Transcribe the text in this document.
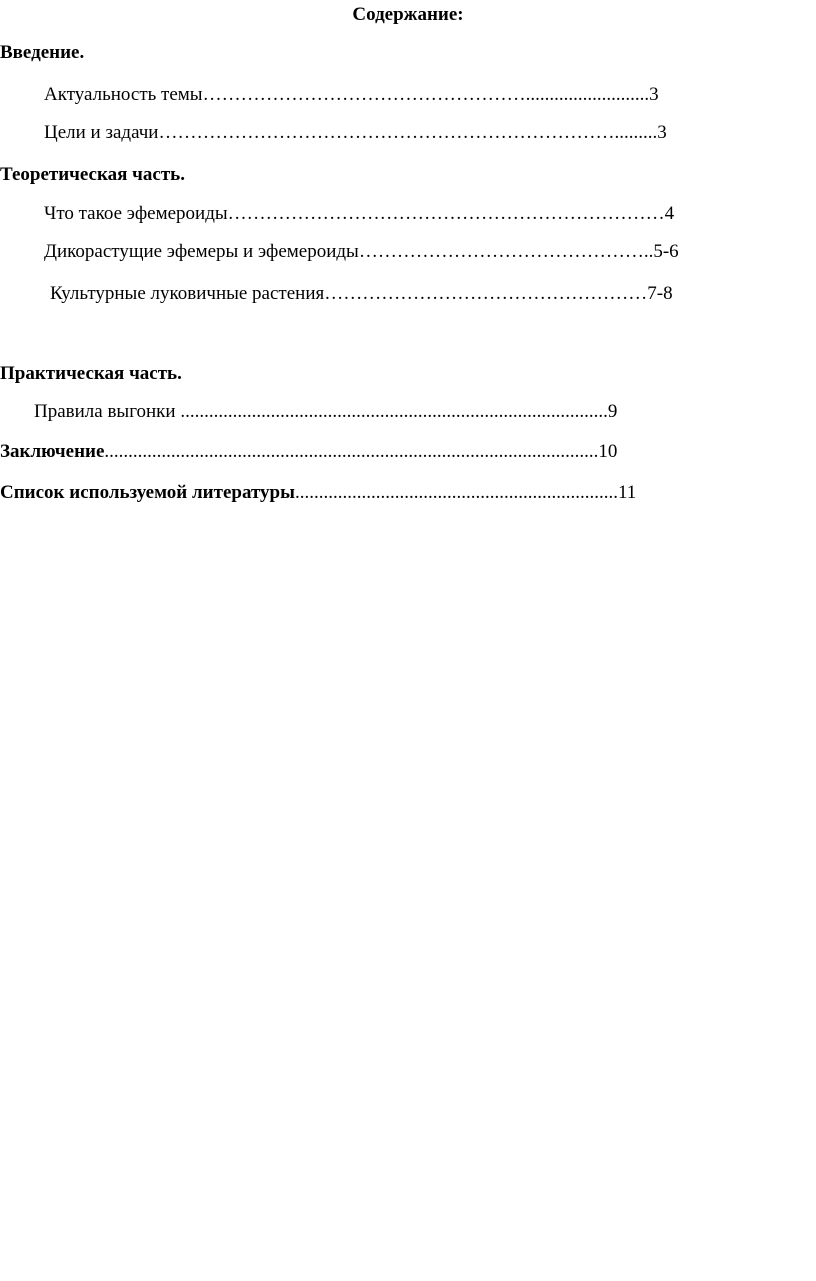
Содержание:
Введение.
Актуальность темы……………………………………………..........................3
Цели и задачи……………………………………………………………….........3
Теоретическая часть.
Что такое эфемероиды……………………………………………………………4
Дикорастущие эфемеры и эфемероиды………………………………………..5-6
Культурные луковичные растения……………………………………………7-8
Практическая часть.
Правила выгонки ..........................................................................................9
Заключение........................................................................................................10
Список используемой литературы....................................................................11
